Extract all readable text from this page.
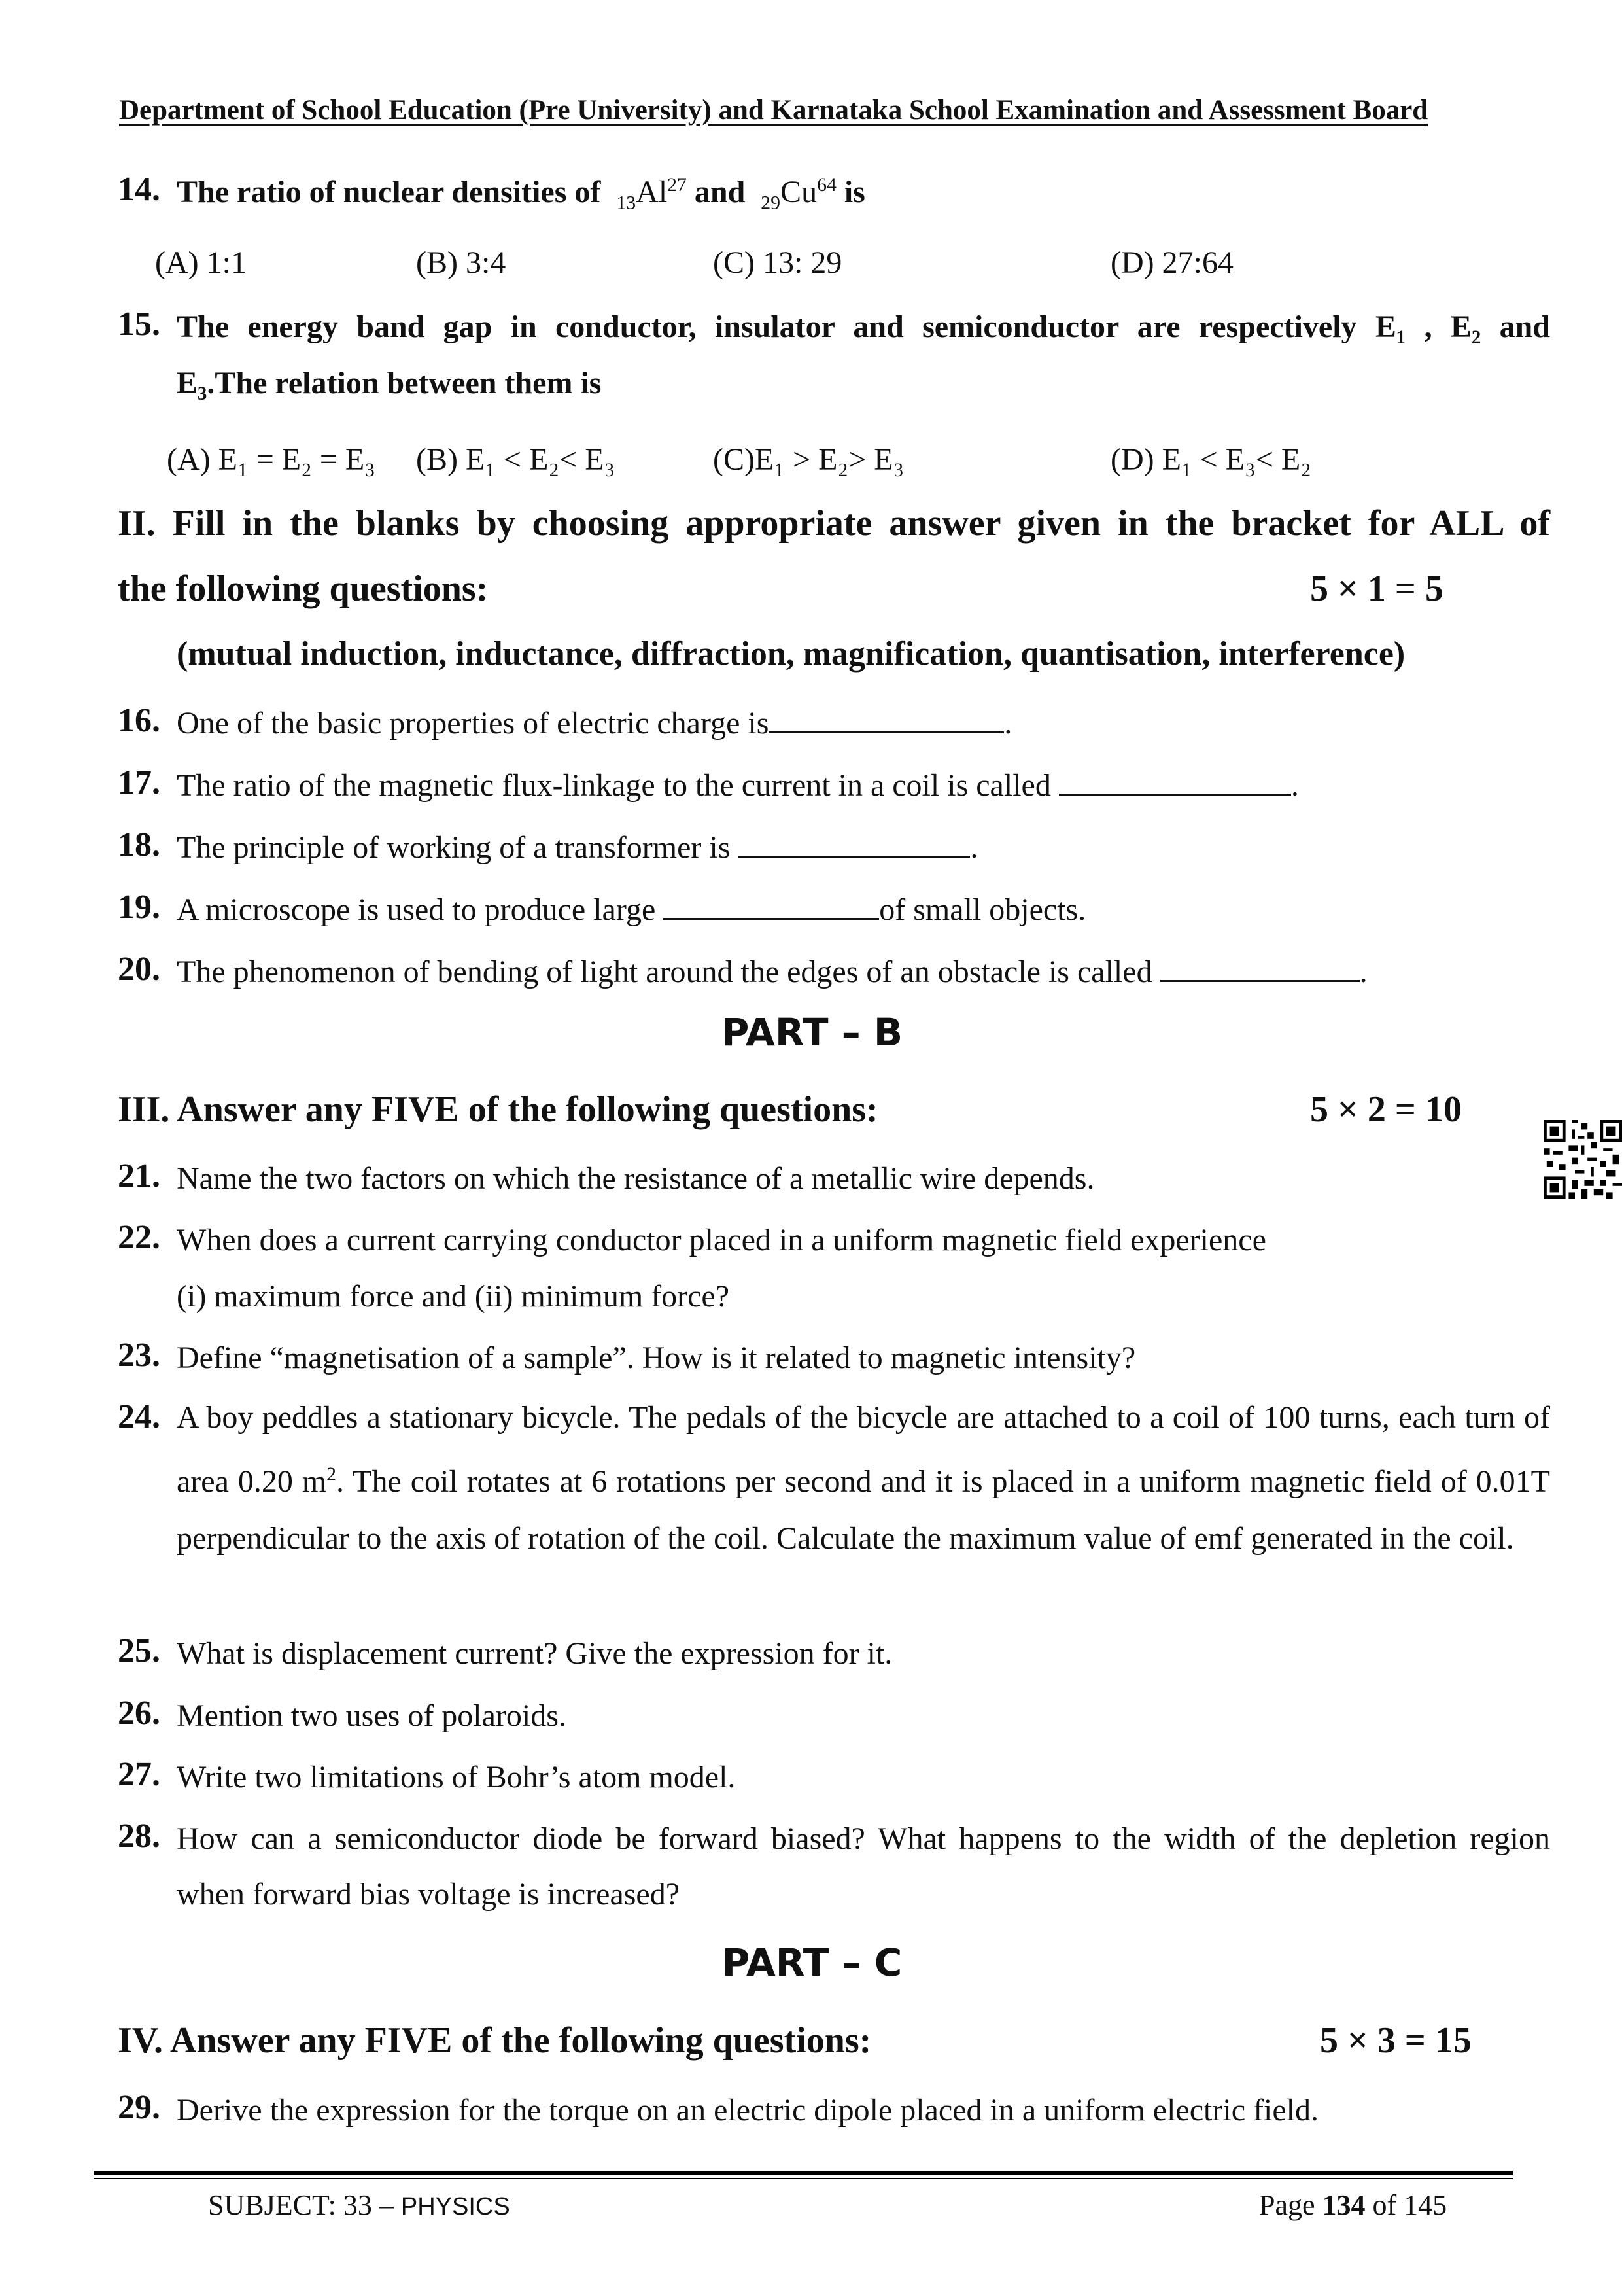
Department of School Education (Pre University) and Karnataka School Examination and Assessment Board
14. The ratio of nuclear densities of $_{13}Al^{27}$ and $_{29}Cu^{64}$ is
(A) 1:1	(B) 3:4	(C) 13: 29	(D) 27:64
15. The energy band gap in conductor, insulator and semiconductor are respectively E₁ , E₂ and
E₃.The relation between them is
(A) E₁ = E₂ = E₃ (B) E₁ < E₂< E₃	(C)E₁ > E₂> E₃	(D) E₁ < E₃< E₂
II. Fill in the blanks by choosing appropriate answer given in the bracket for ALL of
the following questions:	5 × 1 = 5
(mutual induction, inductance, diffraction, magnification, quantisation, interference)
16. One of the basic properties of electric charge is	.
17. The ratio of the magnetic flux-linkage to the current in a coil is called	.
18. The principle of working of a transformer is	.
19. A microscope is used to produce large	of small objects.
20. The phenomenon of bending of light around the edges of an obstacle is called	.
PART – B
III. Answer any FIVE of the following questions:	5 × 2 = 10
21. Name the two factors on which the resistance of a metallic wire depends.
22. When does a current carrying conductor placed in a uniform magnetic field experience
(i) maximum force and (ii) minimum force?
23. Define “magnetisation of a sample”. How is it related to magnetic intensity?
24. A boy peddles a stationary bicycle. The pedals of the bicycle are attached to a coil of 100 turns, each turn of area 0.20 $m^2$. The coil rotates at 6 rotations per second and it is placed in a uniform magnetic field of 0.01T perpendicular to the axis of rotation of the coil. Calculate the maximum value of emf generated in the coil.
25. What is displacement current? Give the expression for it.
26. Mention two uses of polaroids.
27. Write two limitations of Bohr’s atom model.
28. How can a semiconductor diode be forward biased? What happens to the width of the depletion region
when forward bias voltage is increased?
PART – C
IV. Answer any FIVE of the following questions:	5 × 3 = 15
29. Derive the expression for the torque on an electric dipole placed in a uniform electric field.
SUBJECT: 33 – PHYSICS	Page 134 of 145
